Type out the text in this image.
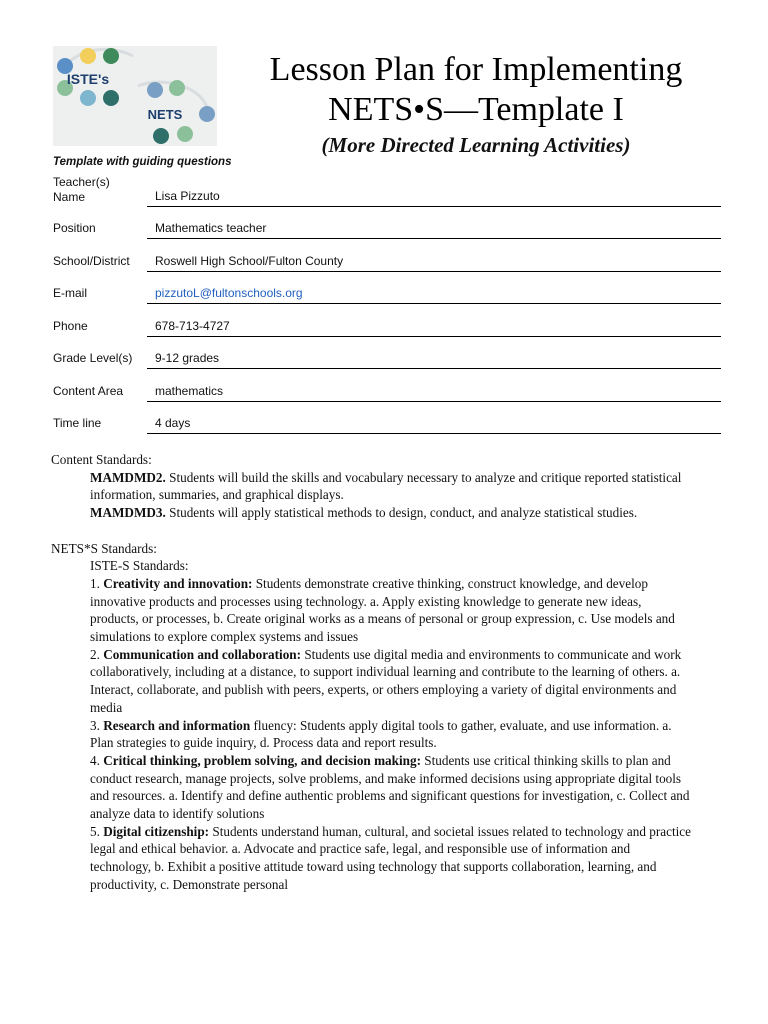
ISTE's
NETS
Lesson Plan for Implementing
NETS•S—Template I
(More Directed Learning Activities)
Template with guiding questions
Teacher(s) Name	Lisa Pizzuto
Position	Mathematics teacher
School/District	Roswell High School/Fulton County
E-mail	pizzutoL@fultonschools.org
Phone	678-713-4727
Grade Level(s)	9-12 grades
Content Area	mathematics
Time line	4 days
Content Standards:
MAMDMD2. Students will build the skills and vocabulary necessary to analyze and critique reported statistical information, summaries, and graphical displays.
MAMDMD3. Students will apply statistical methods to design, conduct, and analyze statistical studies.
NETS*S Standards:
ISTE-S Standards:
1. Creativity and innovation: Students demonstrate creative thinking, construct knowledge, and develop innovative products and processes using technology. a. Apply existing knowledge to generate new ideas, products, or processes, b. Create original works as a means of personal or group expression, c. Use models and simulations to explore complex systems and issues
2. Communication and collaboration: Students use digital media and environments to communicate and work collaboratively, including at a distance, to support individual learning and contribute to the learning of others. a. Interact, collaborate, and publish with peers, experts, or others employing a variety of digital environments and media
3. Research and information fluency: Students apply digital tools to gather, evaluate, and use information. a. Plan strategies to guide inquiry, d. Process data and report results.
4. Critical thinking, problem solving, and decision making: Students use critical thinking skills to plan and conduct research, manage projects, solve problems, and make informed decisions using appropriate digital tools and resources. a. Identify and define authentic problems and significant questions for investigation, c. Collect and analyze data to identify solutions
5. Digital citizenship: Students understand human, cultural, and societal issues related to technology and practice legal and ethical behavior. a. Advocate and practice safe, legal, and responsible use of information and technology, b. Exhibit a positive attitude toward using technology that supports collaboration, learning, and productivity, c. Demonstrate personal
